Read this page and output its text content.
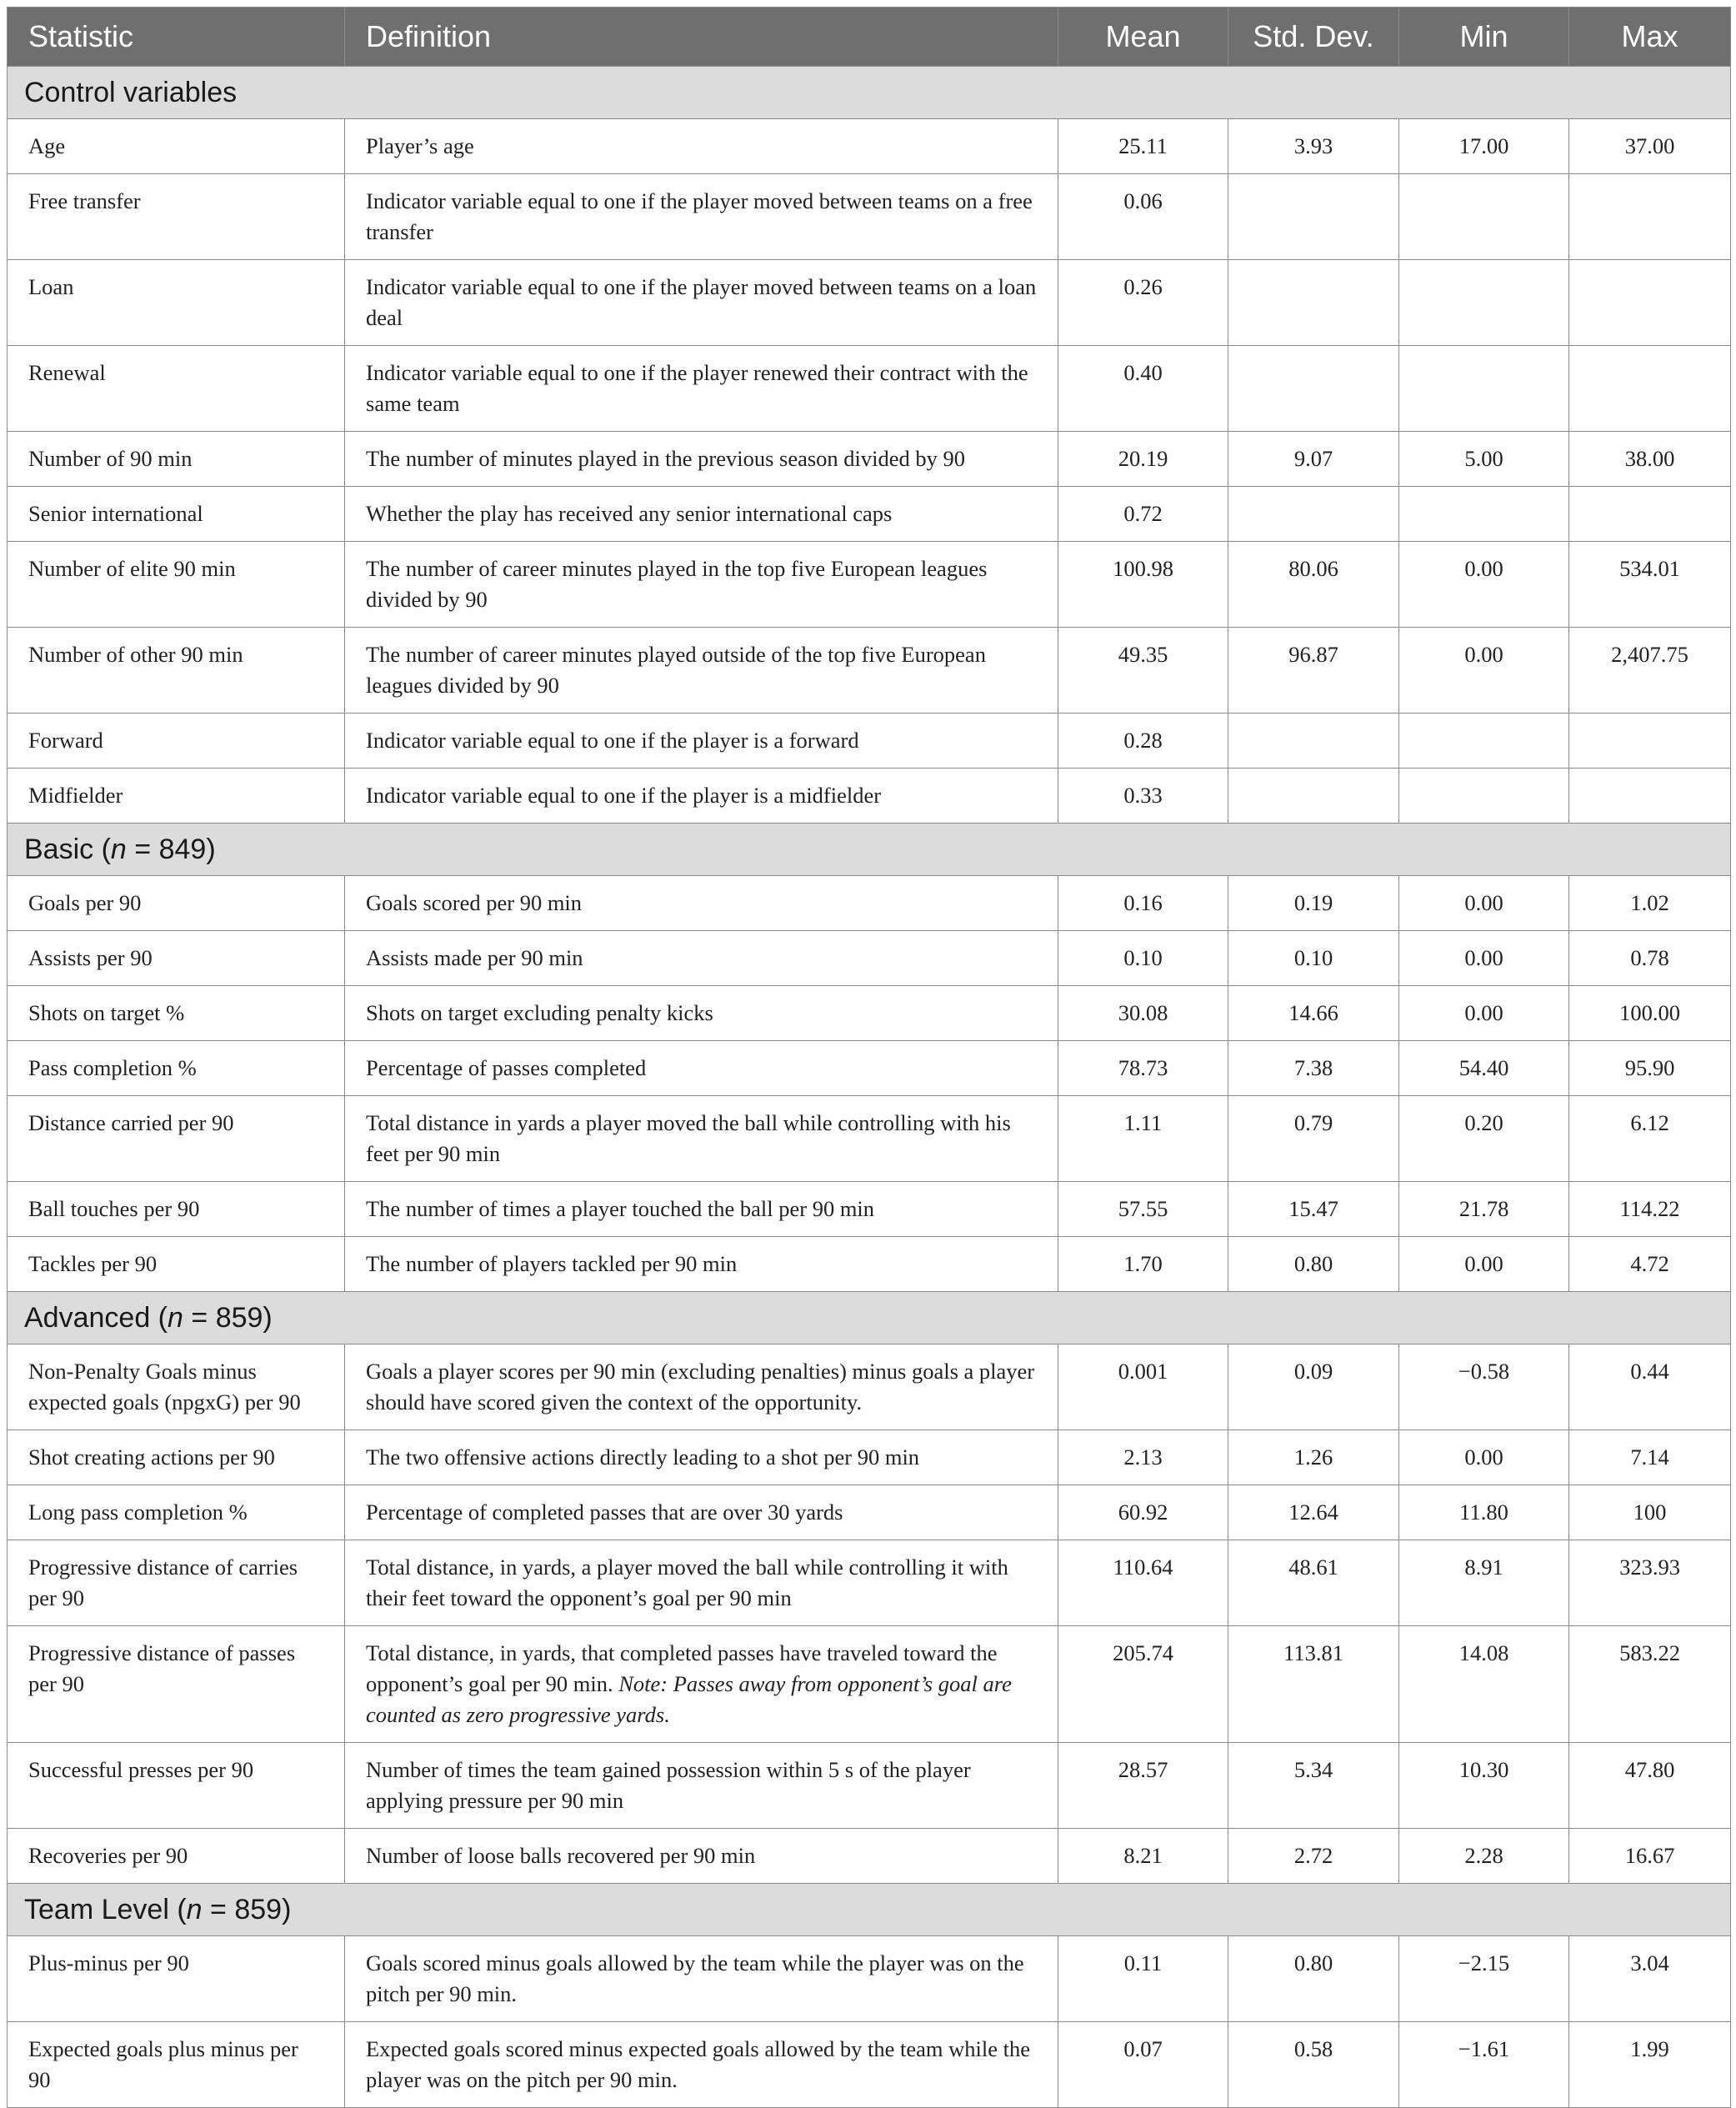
Statistic	Definition	Mean	Std. Dev.	Min	Max
Control variables					
Age	Player’s age	25.11	3.93	17.00	37.00
Free transfer	Indicator variable equal to one if the player moved between teams on a free transfer	0.06			
Loan	Indicator variable equal to one if the player moved between teams on a loan deal	0.26			
Renewal	Indicator variable equal to one if the player renewed their contract with the same team	0.40			
Number of 90 min	The number of minutes played in the previous season divided by 90	20.19	9.07	5.00	38.00
Senior international	Whether the play has received any senior international caps	0.72			
Number of elite 90 min	The number of career minutes played in the top five European leagues divided by 90	100.98	80.06	0.00	534.01
Number of other 90 min	The number of career minutes played outside of the top five European leagues divided by 90	49.35	96.87	0.00	2,407.75
Forward	Indicator variable equal to one if the player is a forward	0.28			
Midfielder	Indicator variable equal to one if the player is a midfielder	0.33			
Basic (n = 849)					
Goals per 90	Goals scored per 90 min	0.16	0.19	0.00	1.02
Assists per 90	Assists made per 90 min	0.10	0.10	0.00	0.78
Shots on target %	Shots on target excluding penalty kicks	30.08	14.66	0.00	100.00
Pass completion %	Percentage of passes completed	78.73	7.38	54.40	95.90
Distance carried per 90	Total distance in yards a player moved the ball while controlling with his feet per 90 min	1.11	0.79	0.20	6.12
Ball touches per 90	The number of times a player touched the ball per 90 min	57.55	15.47	21.78	114.22
Tackles per 90	The number of players tackled per 90 min	1.70	0.80	0.00	4.72
Advanced (n = 859)					
Non-Penalty Goals minus expected goals (npgxG) per 90	Goals a player scores per 90 min (excluding penalties) minus goals a player should have scored given the context of the opportunity.	0.001	0.09	−0.58	0.44
Shot creating actions per 90	The two offensive actions directly leading to a shot per 90 min	2.13	1.26	0.00	7.14
Long pass completion %	Percentage of completed passes that are over 30 yards	60.92	12.64	11.80	100
Progressive distance of carries per 90	Total distance, in yards, a player moved the ball while controlling it with their feet toward the opponent’s goal per 90 min	110.64	48.61	8.91	323.93
Progressive distance of passes per 90	Total distance, in yards, that completed passes have traveled toward the opponent’s goal per 90 min. Note: Passes away from opponent’s goal are counted as zero progressive yards.	205.74	113.81	14.08	583.22
Successful presses per 90	Number of times the team gained possession within 5 s of the player applying pressure per 90 min	28.57	5.34	10.30	47.80
Recoveries per 90	Number of loose balls recovered per 90 min	8.21	2.72	2.28	16.67
Team Level (n = 859)					
Plus-minus per 90	Goals scored minus goals allowed by the team while the player was on the pitch per 90 min.	0.11	0.80	−2.15	3.04
Expected goals plus minus per 90	Expected goals scored minus expected goals allowed by the team while the player was on the pitch per 90 min.	0.07	0.58	−1.61	1.99
